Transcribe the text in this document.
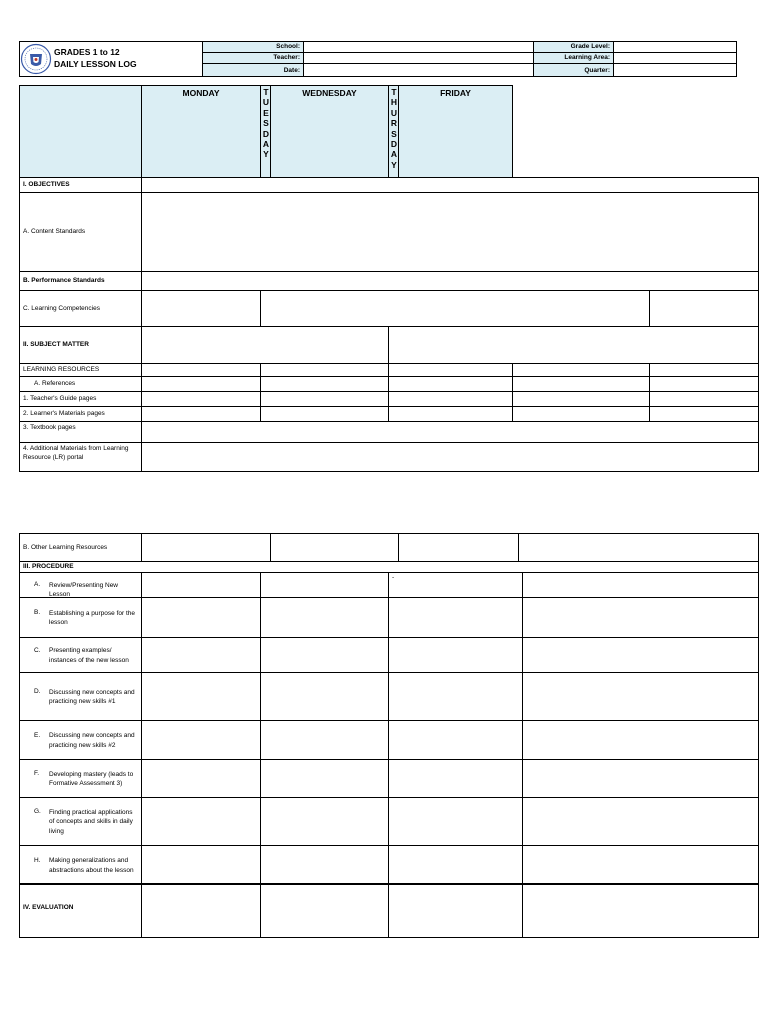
GRADES 1 to 12
DAILY LESSON LOG
School:
Teacher:
Date:
Grade Level:
Learning Area:
Quarter:
MONDAY	TUESDAY
WEDNESDAY	THURSDAY
FRIDAY
I. OBJECTIVES
A. Content Standards
B. Performance Standards
C. Learning Competencies
II. SUBJECT MATTER
LEARNING RESOURCES
A. References
1. Teacher's Guide pages
2. Learner's Materials pages
3. Textbook pages
4. Additional Materials from Learning
Resource (LR) portal
B. Other Learning Resources
III. PROCEDURE
A. Review/Presenting New Lesson
-
B. Establishing a purpose for the lesson
C. Presenting examples/ instances of the new lesson
D. Discussing new concepts and practicing new skills #1
E. Discussing new concepts and practicing new skills #2
F. Developing mastery (leads to Formative Assessment 3)
G. Finding practical applications of concepts and skills in daily living
H. Making generalizations and abstractions about the lesson
IV. EVALUATION
